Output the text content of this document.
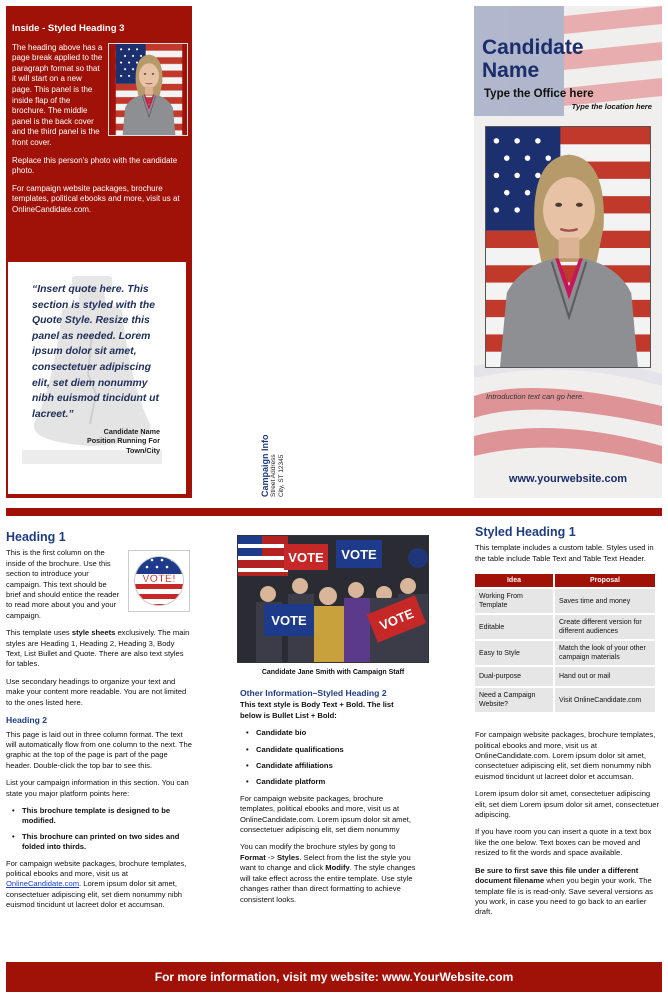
Inside - Styled Heading 3

The heading above has a page break applied to the paragraph format so that it will start on a new page. This panel is the inside flap of the brochure. The middle panel is the back cover and the third panel is the front cover.

Replace this person's photo with the candidate photo.

For campaign website packages, brochure templates, political ebooks and more, visit us at OnlineCandidate.com.

“Insert quote here. This section is styled with the Quote Style. Resize this panel as needed. Lorem ipsum dolor sit amet, consectetuer adipiscing elit, set diem nonummy nibh euismod tincidunt ut lacreet.”
Candidate Name
Position Running For
Town/City	Campaign Info Street Address City, ST 12345
Candidate
Name
Type the Office here
Type the location here
Introduction text can go here.
www.yourwebsite.com
Heading 1
VOTE!

This is the first column on the inside of the brochure. Use this section to introduce your campaign. This text should be brief and should entice the reader to read more about you and your campaign.

This template uses style sheets exclusively. The main styles are Heading 1, Heading 2, Heading 3, Body Text, List Bullet and Quote. There are also text styles for tables.

Use secondary headings to organize your text and make your content more readable. You are not limited to the ones listed here.

Heading 2

This page is laid out in three column format. The text will automatically flow from one column to the next. The graphic at the top of the page is part of the page header. Double-click the top bar to see this.

List your campaign information in this section. You can state you major platform points here:

• This brochure template is designed to be modified.
• This brochure can printed on two sides and folded into thirds.

For campaign website packages, brochure templates, political ebooks and more, visit us at OnlineCandidate.com. Lorem ipsum dolor sit amet, consectetuer adipiscing elit, set diem nonummy nibh euismod tincidunt ut lacreet dolor et accumsan.

VOTE VOTE
VOTE	VOTE
Candidate Jane Smith with Campaign Staff
Other Information–Styled Heading 2

This text style is Body Text + Bold. The list below is Bullet List + Bold:

• Candidate bio
• Candidate qualifications
• Candidate affiliations
• Candidate platform

For campaign website packages, brochure templates, political ebooks and more, visit us at OnlineCandidate.com. Lorem ipsum dolor sit amet, consectetuer adipiscing elit, set diem nonummy

You can modify the brochure styles by gong to Format -> Styles. Select from the list the style you want to change and click Modify. The style changes will take effect across the entire template. Use style changes rather than direct formatting to achieve consistent looks.

Styled Heading 1

This template includes a custom table. Styles used in the table include Table Text and Table Text Header.

Idea	Proposal
Working From Template	Saves time and money
Editable	Create different version for different audiences
Easy to Style	Match the look of your other campaign materials
Dual-purpose	Hand out or mail
Need a Campaign Website?	Visit OnlineCandidate.com

For campaign website packages, brochure templates, political ebooks and more, visit us at OnlineCandidate.com. Lorem ipsum dolor sit amet, consectetuer adipiscing elit, set diem nonummy nibh euismod tincidunt ut lacreet dolor et accumsan.

Lorem ipsum dolor sit amet, consectetuer adipiscing elit, set diem Lorem ipsum dolor sit amet, consectetuer adipiscing.

If you have room you can insert a quote in a text box like the one below. Text boxes can be moved and resized to fit the words and space available.

Be sure to first save this file under a different document filename when you begin your work. The template file is is read-only. Save several versions as you work, in case you need to go back to an earlier draft.

For more information, visit my website: www.YourWebsite.com
